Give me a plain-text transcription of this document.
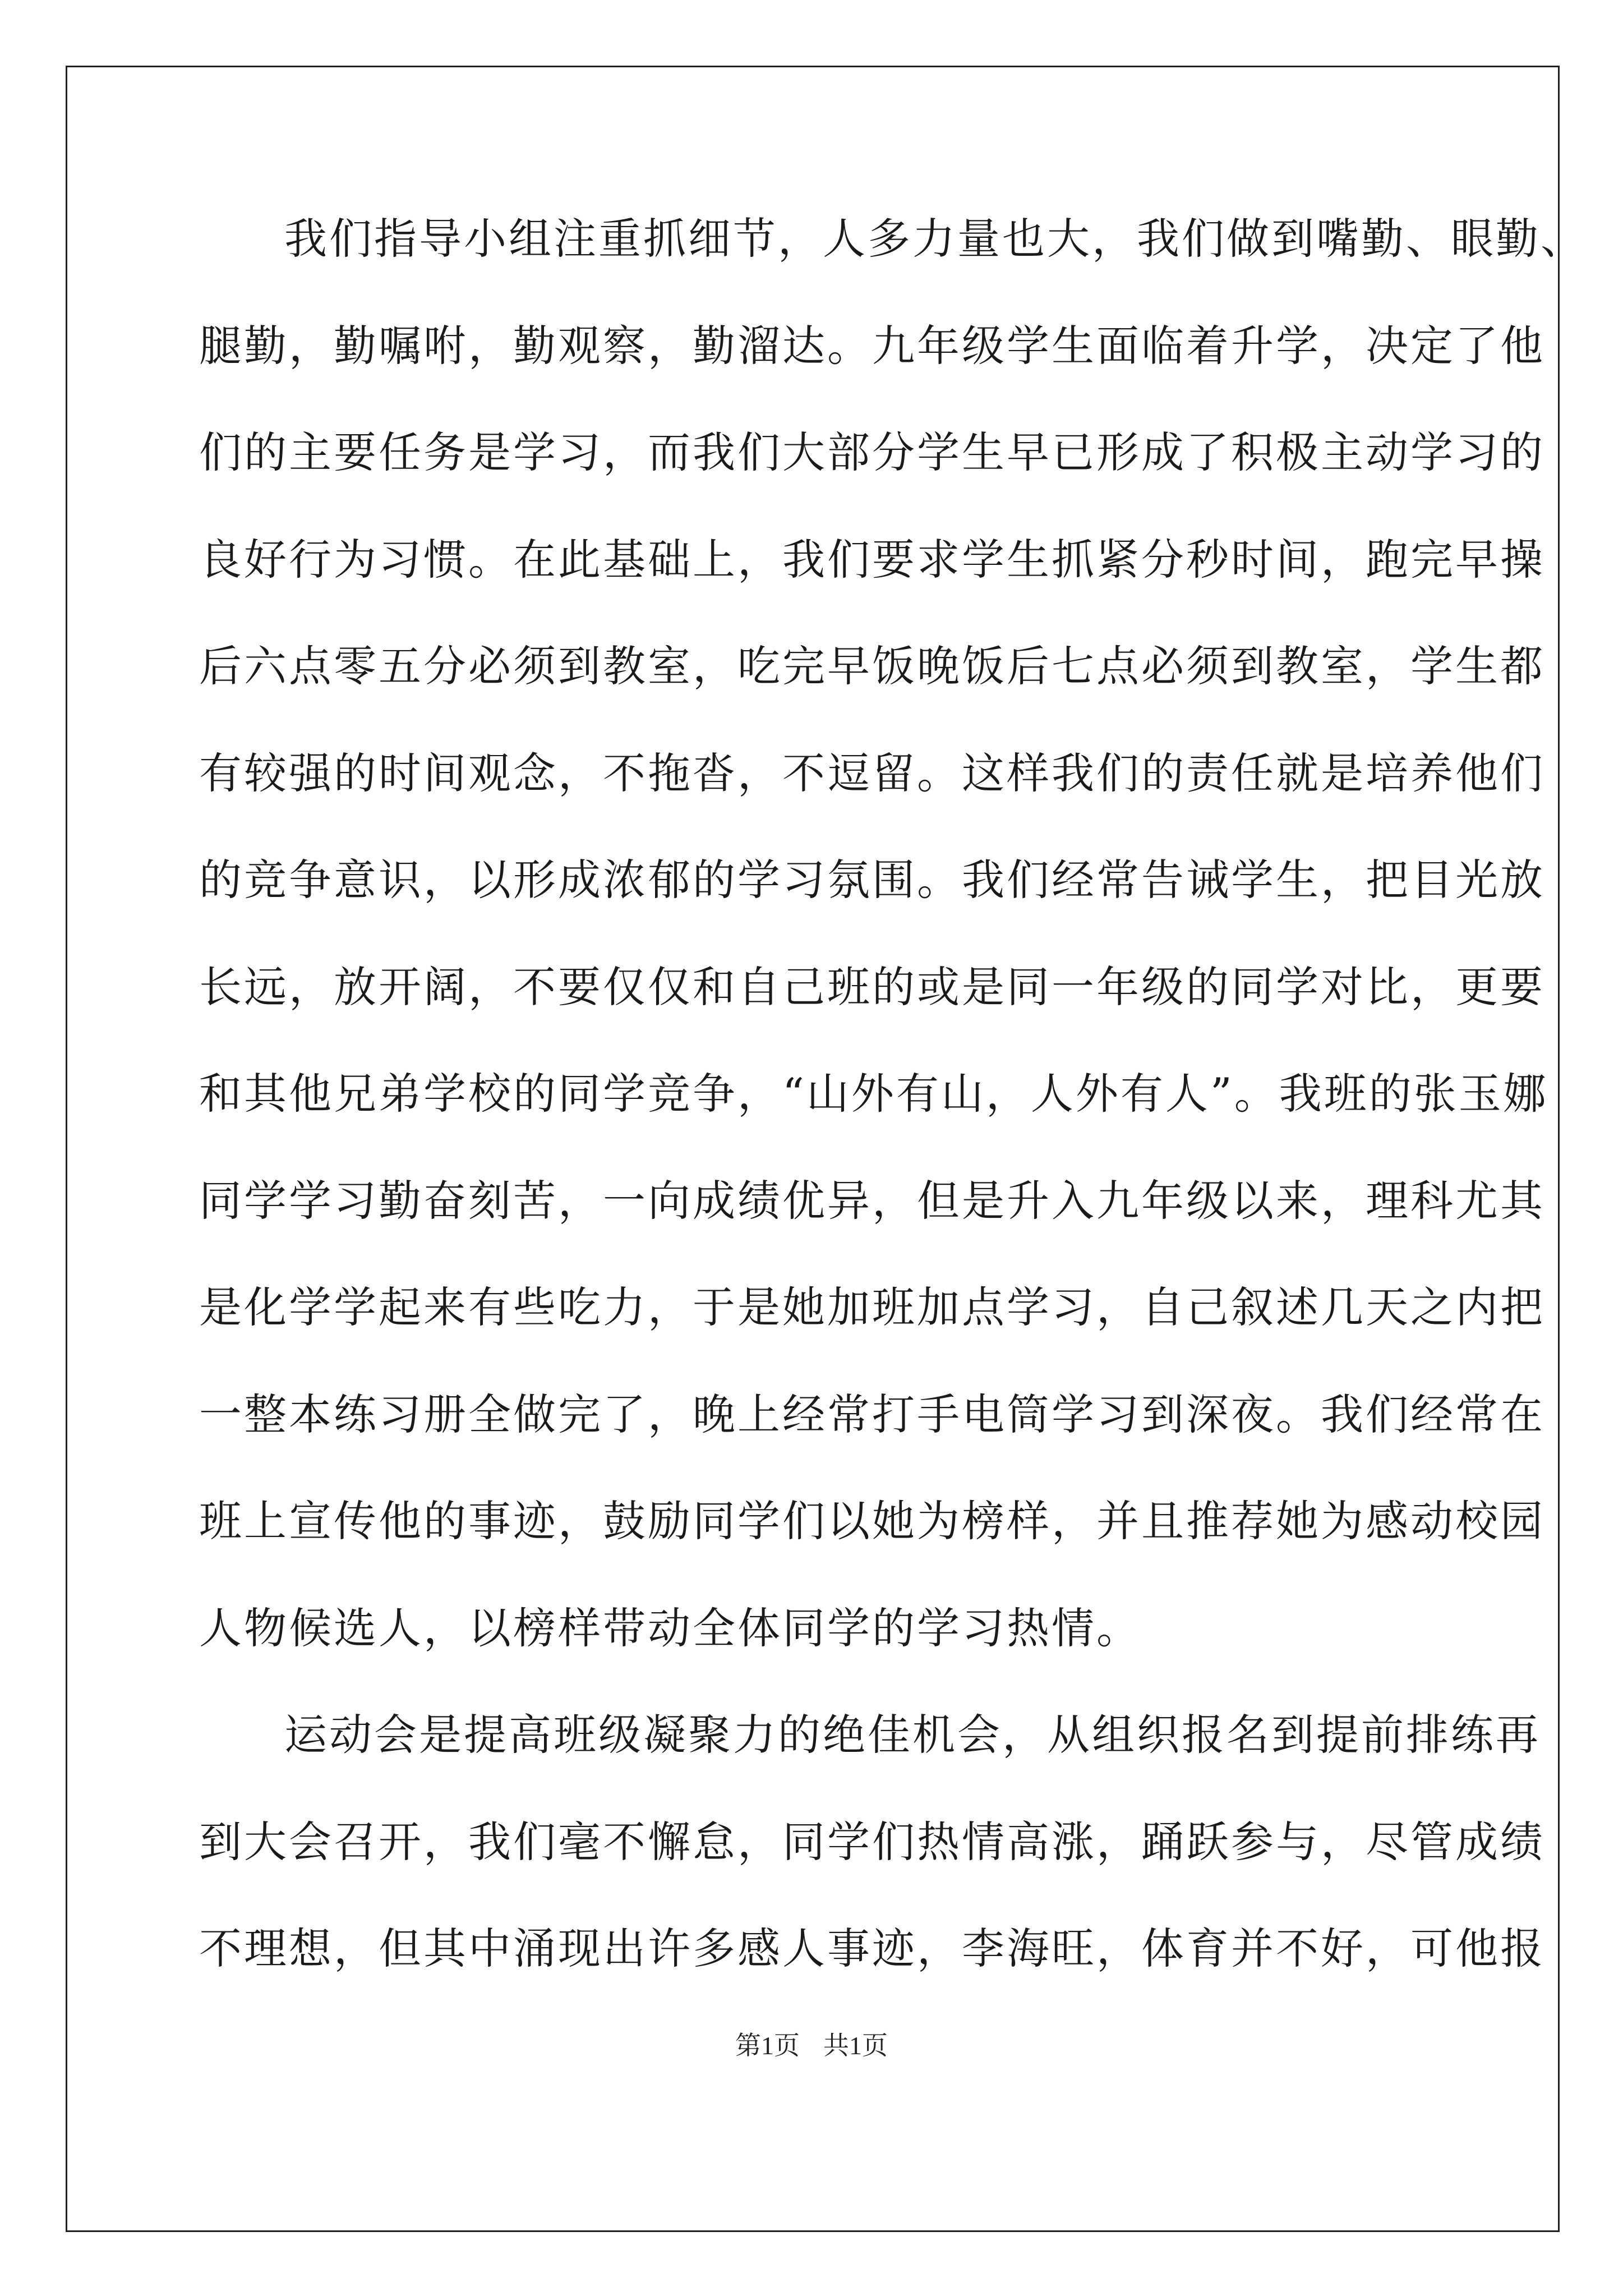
我们指导小组注重抓细节，人多力量也大，我们做到嘴勤、眼勤、
腿勤，勤嘱咐，勤观察，勤溜达。九年级学生面临着升学，决定了他
们的主要任务是学习，而我们大部分学生早已形成了积极主动学习的
良好行为习惯。在此基础上，我们要求学生抓紧分秒时间，跑完早操
后六点零五分必须到教室，吃完早饭晚饭后七点必须到教室，学生都
有较强的时间观念，不拖沓，不逗留。这样我们的责任就是培养他们
的竞争意识，以形成浓郁的学习氛围。我们经常告诫学生，把目光放
长远，放开阔，不要仅仅和自己班的或是同一年级的同学对比，更要
和其他兄弟学校的同学竞争，“山外有山，人外有人”。我班的张玉娜
同学学习勤奋刻苦，一向成绩优异，但是升入九年级以来，理科尤其
是化学学起来有些吃力，于是她加班加点学习，自己叙述几天之内把
一整本练习册全做完了，晚上经常打手电筒学习到深夜。我们经常在
班上宣传他的事迹，鼓励同学们以她为榜样，并且推荐她为感动校园
人物候选人，以榜样带动全体同学的学习热情。
运动会是提高班级凝聚力的绝佳机会，从组织报名到提前排练再
到大会召开，我们毫不懈怠，同学们热情高涨，踊跃参与，尽管成绩
不理想，但其中涌现出许多感人事迹，李海旺，体育并不好，可他报
第1页 共1页
